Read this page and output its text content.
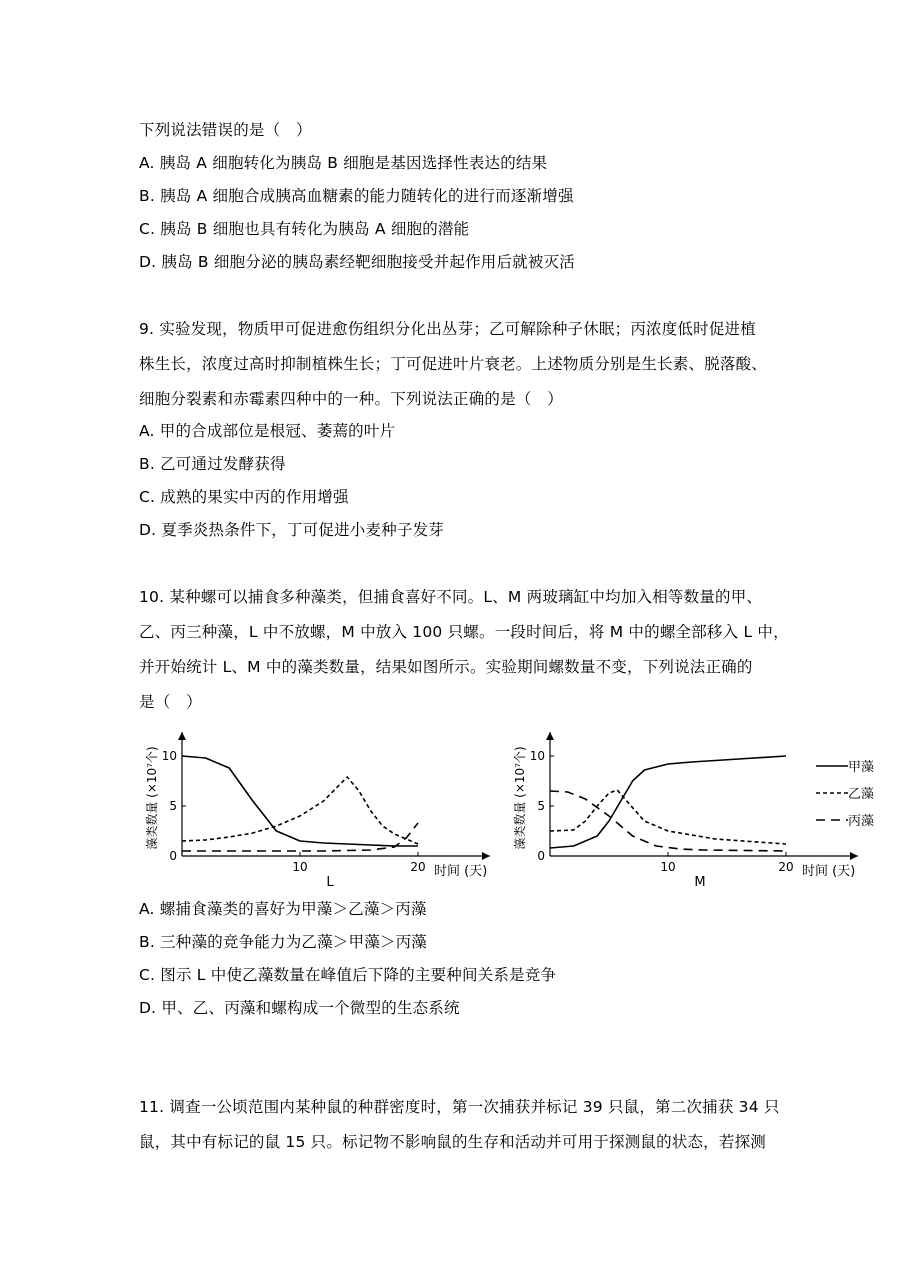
下列说法错误的是（　）
A. 胰岛 A 细胞转化为胰岛 B 细胞是基因选择性表达的结果
B. 胰岛 A 细胞合成胰高血糖素的能力随转化的进行而逐渐增强
C. 胰岛 B 细胞也具有转化为胰岛 A 细胞的潜能
D. 胰岛 B 细胞分泌的胰岛素经靶细胞接受并起作用后就被灭活
9. 实验发现，物质甲可促进愈伤组织分化出丛芽；乙可解除种子休眠；丙浓度低时促进植
株生长，浓度过高时抑制植株生长；丁可促进叶片衰老。上述物质分别是生长素、脱落酸、
细胞分裂素和赤霉素四种中的一种。下列说法正确的是（　）
A. 甲的合成部位是根冠、萎蔫的叶片
B. 乙可通过发酵获得
C. 成熟的果实中丙的作用增强
D. 夏季炎热条件下，丁可促进小麦种子发芽
10. 某种螺可以捕食多种藻类，但捕食喜好不同。L、M 两玻璃缸中均加入相等数量的甲、
乙、丙三种藻，L 中不放螺，M 中放入 100 只螺。一段时间后，将 M 中的螺全部移入 L 中，
并开始统计 L、M 中的藻类数量，结果如图所示。实验期间螺数量不变，下列说法正确的
是（　）
0
5
10
10	20 时间 (天)
藻类数量 (×10⁷个)
L
0
5
10
10	20 时间 (天)
藻类数量 (×10⁷个)
M
甲藻
乙藻
丙藻
A. 螺捕食藻类的喜好为甲藻＞乙藻＞丙藻
B. 三种藻的竞争能力为乙藻＞甲藻＞丙藻
C. 图示 L 中使乙藻数量在峰值后下降的主要种间关系是竞争
D. 甲、乙、丙藻和螺构成一个微型的生态系统
11. 调查一公顷范围内某种鼠的种群密度时，第一次捕获并标记 39 只鼠，第二次捕获 34 只
鼠，其中有标记的鼠 15 只。标记物不影响鼠的生存和活动并可用于探测鼠的状态，若探测
